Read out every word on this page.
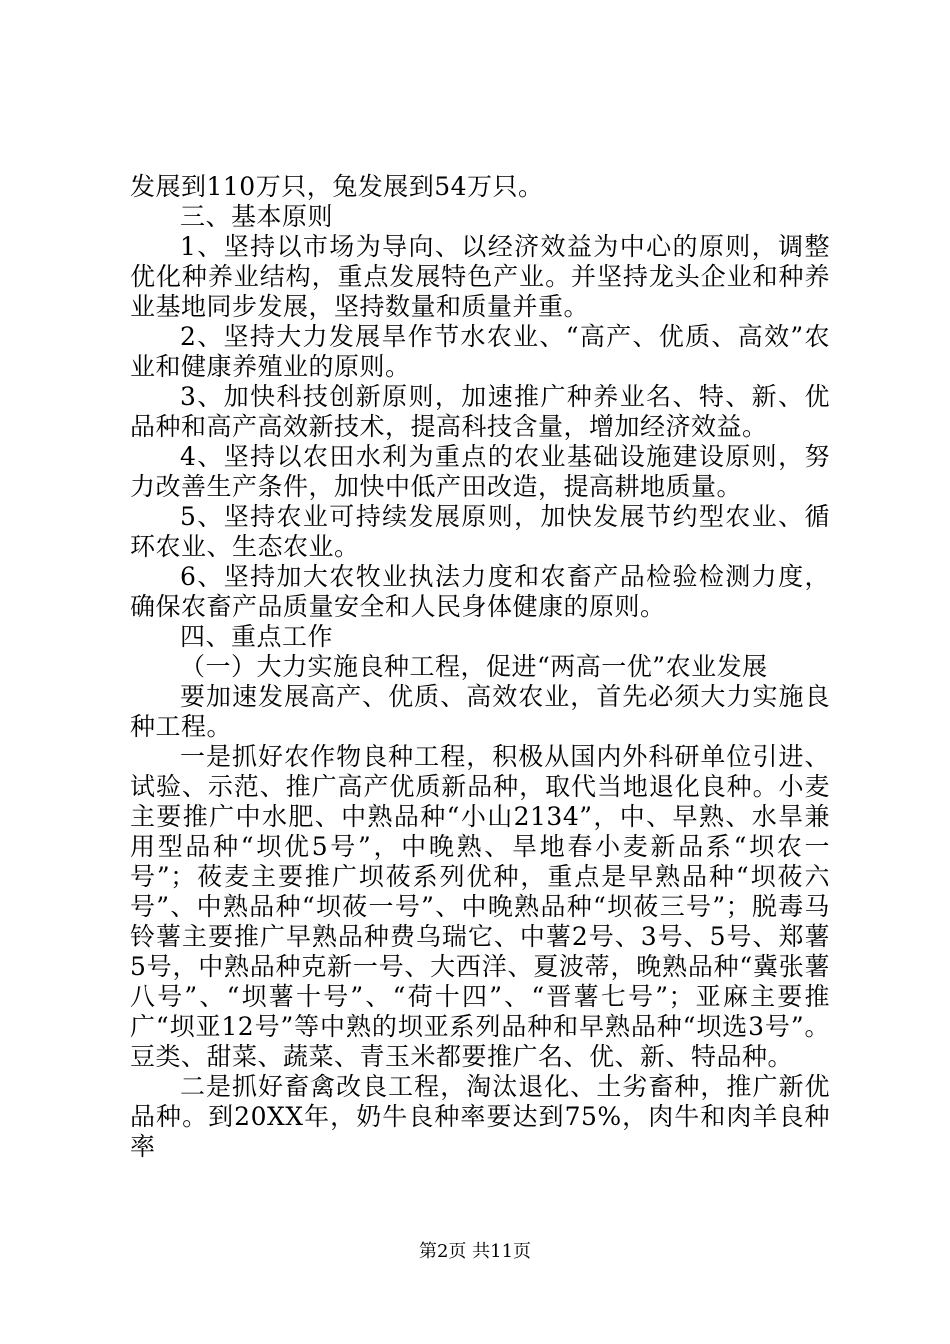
发展到110万只，兔发展到54万只。

三、基本原则

1、坚持以市场为导向、以经济效益为中心的原则，调整优化种养业结构，重点发展特色产业。并坚持龙头企业和种养业基地同步发展，坚持数量和质量并重。

2、坚持大力发展旱作节水农业、“高产、优质、高效”农业和健康养殖业的原则。

3、加快科技创新原则，加速推广种养业名、特、新、优品种和高产高效新技术，提高科技含量，增加经济效益。

4、坚持以农田水利为重点的农业基础设施建设原则，努力改善生产条件，加快中低产田改造，提高耕地质量。

5、坚持农业可持续发展原则，加快发展节约型农业、循环农业、生态农业。

6、坚持加大农牧业执法力度和农畜产品检验检测力度，确保农畜产品质量安全和人民身体健康的原则。

四、重点工作

（一）大力实施良种工程，促进“两高一优”农业发展

要加速发展高产、优质、高效农业，首先必须大力实施良种工程。

一是抓好农作物良种工程，积极从国内外科研单位引进、试验、示范、推广高产优质新品种，取代当地退化良种。小麦主要推广中水肥、中熟品种“小山2134”，中、早熟、水旱兼用型品种“坝优5号”，中晚熟、旱地春小麦新品系“坝农一号”；莜麦主要推广坝莜系列优种，重点是早熟品种“坝莜六号”、中熟品种“坝莜一号”、中晚熟品种“坝莜三号”；脱毒马铃薯主要推广早熟品种费乌瑞它、中薯2号、3号、5号、郑薯5号，中熟品种克新一号、大西洋、夏波蒂，晚熟品种“冀张薯八号”、“坝薯十号”、“荷十四”、“晋薯七号”；亚麻主要推广“坝亚12号”等中熟的坝亚系列品种和早熟品种“坝选3号”。豆类、甜菜、蔬菜、青玉米都要推广名、优、新、特品种。

二是抓好畜禽改良工程，淘汰退化、土劣畜种，推广新优品种。到20XX年，奶牛良种率要达到75%，肉牛和肉羊良种率

第2页 共11页
